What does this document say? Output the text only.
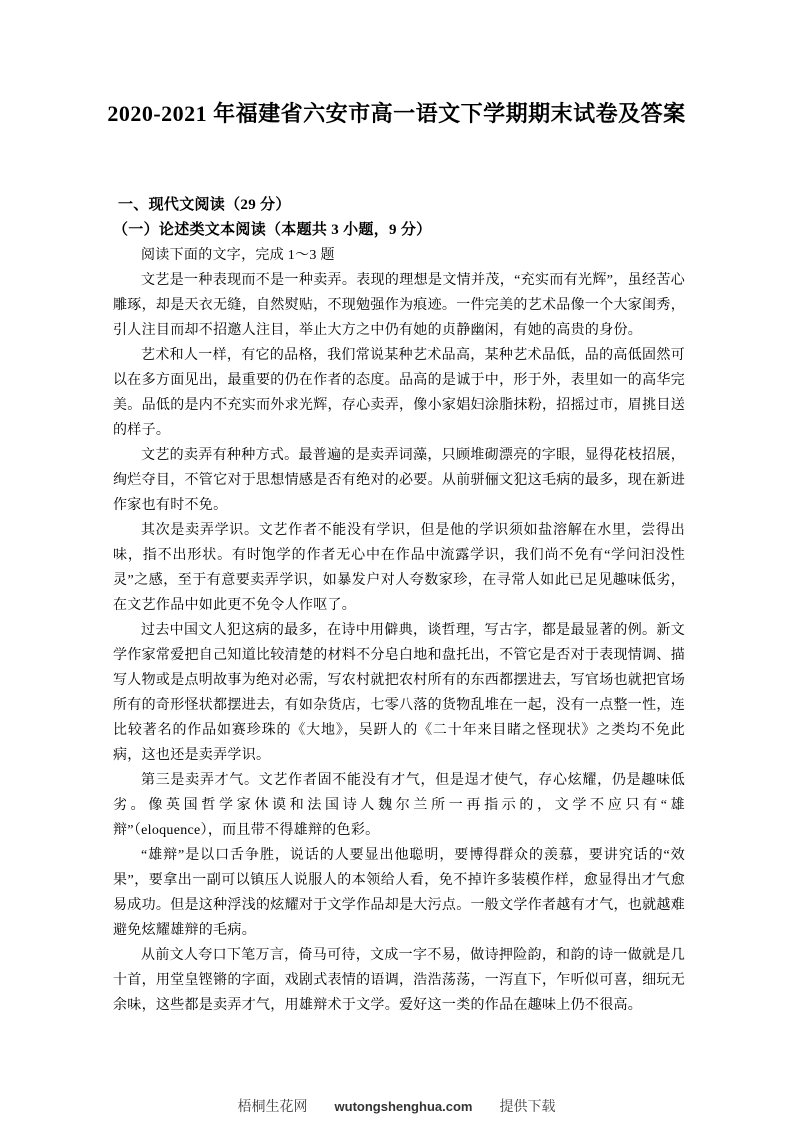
2020-2021 年福建省六安市高一语文下学期期末试卷及答案
一、现代文阅读（29 分）
（一）论述类文本阅读（本题共 3 小题，9 分）
阅读下面的文字，完成 1～3 题

文艺是一种表现而不是一种卖弄。表现的理想是文情并茂，“充实而有光辉”，虽经苦心雕琢，却是天衣无缝，自然熨贴，不现勉强作为痕迹。一件完美的艺术品像一个大家闺秀，引人注目而却不招邀人注目，举止大方之中仍有她的贞静幽闲，有她的高贵的身份。

艺术和人一样，有它的品格，我们常说某种艺术品高，某种艺术品低，品的高低固然可以在多方面见出，最重要的仍在作者的态度。品高的是诚于中，形于外，表里如一的高华完美。品低的是内不充实而外求光辉，存心卖弄，像小家娼妇涂脂抹粉，招摇过市，眉挑目送的样子。

文艺的卖弄有种种方式。最普遍的是卖弄词藻，只顾堆砌漂亮的字眼，显得花枝招展，绚烂夺目，不管它对于思想情感是否有绝对的必要。从前骈俪文犯这毛病的最多，现在新进作家也有时不免。

其次是卖弄学识。文艺作者不能没有学识，但是他的学识须如盐溶解在水里，尝得出味，指不出形状。有时饱学的作者无心中在作品中流露学识，我们尚不免有“学问汩没性灵”之感，至于有意要卖弄学识，如暴发户对人夸数家珍，在寻常人如此已足见趣味低劣，在文艺作品中如此更不免令人作呕了。

过去中国文人犯这病的最多，在诗中用僻典，谈哲理，写古字，都是最显著的例。新文学作家常爱把自己知道比较清楚的材料不分皂白地和盘托出，不管它是否对于表现情调、描写人物或是点明故事为绝对必需，写农村就把农村所有的东西都摆进去，写官场也就把官场所有的奇形怪状都摆进去，有如杂货店，七零八落的货物乱堆在一起，没有一点整一性，连比较著名的作品如赛珍珠的《大地》，吴趼人的《二十年来目睹之怪现状》之类均不免此病，这也还是卖弄学识。

第三是卖弄才气。文艺作者固不能没有才气，但是逞才使气，存心炫耀，仍是趣味低劣。像英国哲学家休谟和法国诗人魏尔兰所一再指示的，文学不应只有“雄辩”（eloquence），而且带不得雄辩的色彩。

“雄辩”是以口舌争胜，说话的人要显出他聪明，要博得群众的羡慕，要讲究话的“效果”，要拿出一副可以镇压人说服人的本领给人看，免不掉许多装模作样，愈显得出才气愈易成功。但是这种浮浅的炫耀对于文学作品却是大污点。一般文学作者越有才气，也就越难避免炫耀雄辩的毛病。

从前文人夸口下笔万言，倚马可待，文成一字不易，做诗押险韵，和韵的诗一做就是几十首，用堂皇铿锵的字面，戏剧式表情的语调，浩浩荡荡，一泻直下，乍听似可喜，细玩无余味，这些都是卖弄才气，用雄辩术于文学。爱好这一类的作品在趣味上仍不很高。

梧桐生花网 wutongshenghua.com 提供下载
